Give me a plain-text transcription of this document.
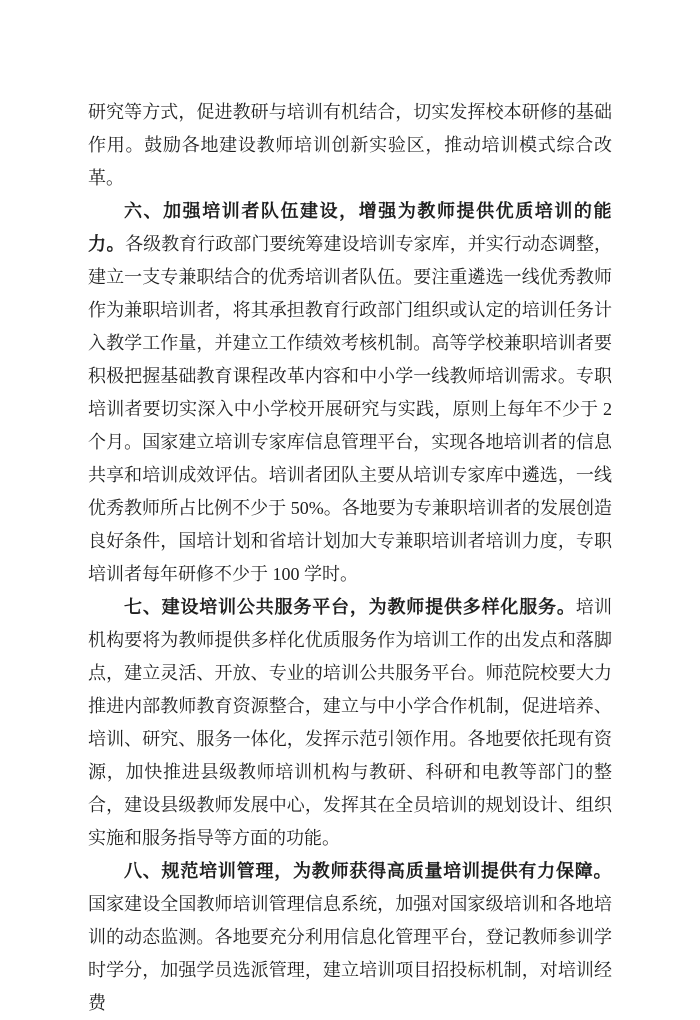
研究等方式，促进教研与培训有机结合，切实发挥校本研修的基础作用。鼓励各地建设教师培训创新实验区，推动培训模式综合改革。

六、加强培训者队伍建设，增强为教师提供优质培训的能力。各级教育行政部门要统筹建设培训专家库，并实行动态调整，建立一支专兼职结合的优秀培训者队伍。要注重遴选一线优秀教师作为兼职培训者，将其承担教育行政部门组织或认定的培训任务计入教学工作量，并建立工作绩效考核机制。高等学校兼职培训者要积极把握基础教育课程改革内容和中小学一线教师培训需求。专职培训者要切实深入中小学校开展研究与实践，原则上每年不少于 2 个月。国家建立培训专家库信息管理平台，实现各地培训者的信息共享和培训成效评估。培训者团队主要从培训专家库中遴选，一线优秀教师所占比例不少于 50%。各地要为专兼职培训者的发展创造良好条件，国培计划和省培计划加大专兼职培训者培训力度，专职培训者每年研修不少于 100 学时。

七、建设培训公共服务平台，为教师提供多样化服务。培训机构要将为教师提供多样化优质服务作为培训工作的出发点和落脚点，建立灵活、开放、专业的培训公共服务平台。师范院校要大力推进内部教师教育资源整合，建立与中小学合作机制，促进培养、培训、研究、服务一体化，发挥示范引领作用。各地要依托现有资源，加快推进县级教师培训机构与教研、科研和电教等部门的整合，建设县级教师发展中心，发挥其在全员培训的规划设计、组织实施和服务指导等方面的功能。

八、规范培训管理，为教师获得高质量培训提供有力保障。国家建设全国教师培训管理信息系统，加强对国家级培训和各地培训的动态监测。各地要充分利用信息化管理平台，登记教师参训学时学分，加强学员选派管理，建立培训项目招投标机制，对培训经费
